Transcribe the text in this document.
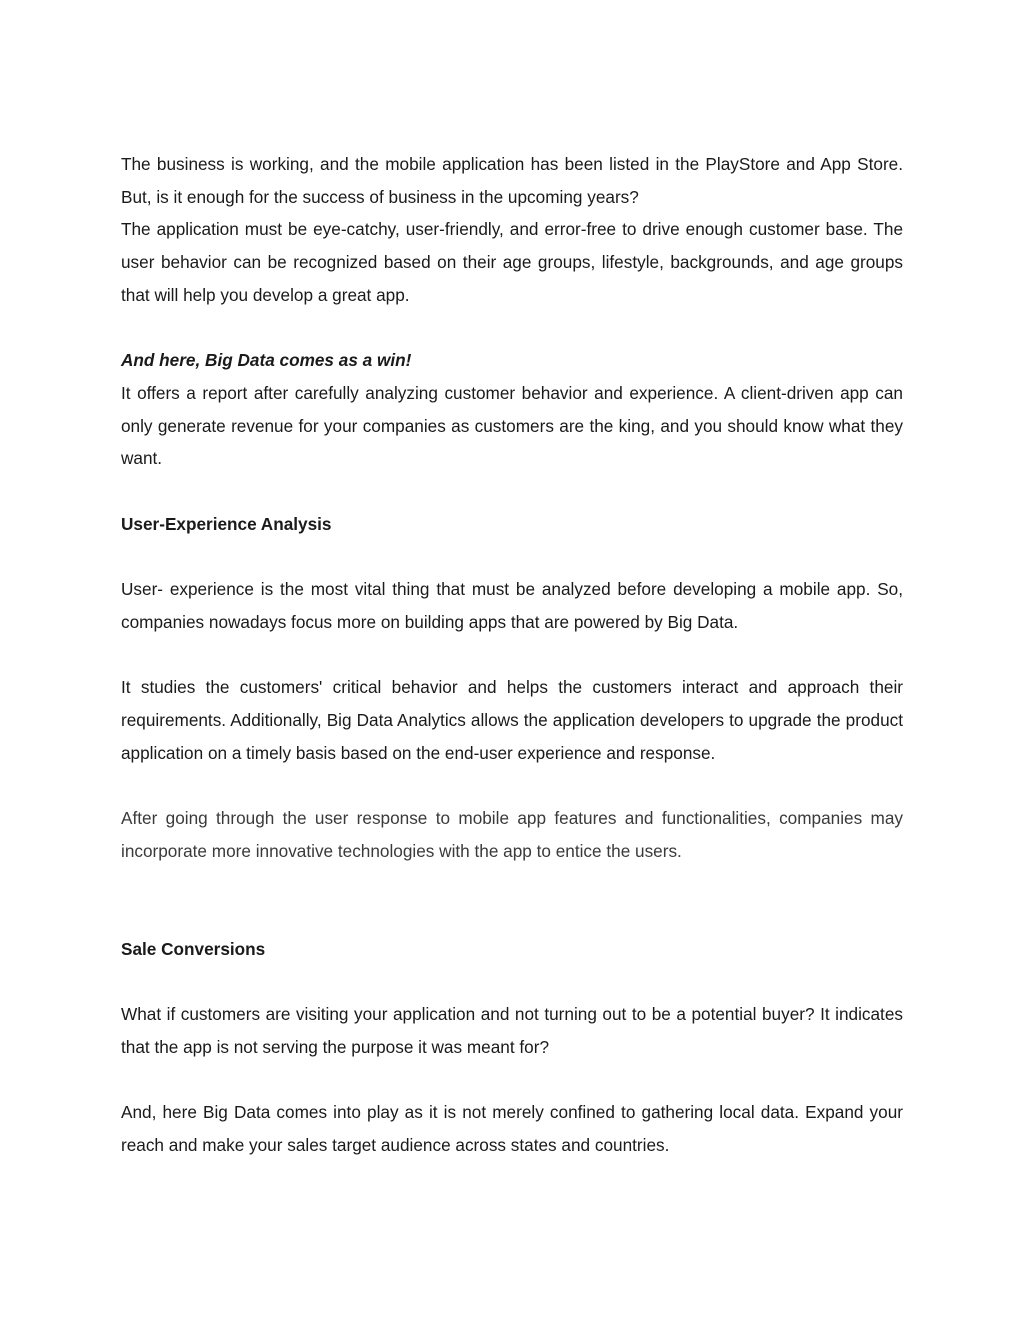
The business is working, and the mobile application has been listed in the PlayStore and App Store. But, is it enough for the success of business in the upcoming years?

The application must be eye-catchy, user-friendly, and error-free to drive enough customer base. The user behavior can be recognized based on their age groups, lifestyle, backgrounds, and age groups that will help you develop a great app.

And here, Big Data comes as a win!

It offers a report after carefully analyzing customer behavior and experience. A client-driven app can only generate revenue for your companies as customers are the king, and you should know what they want.

User-Experience Analysis

User- experience is the most vital thing that must be analyzed before developing a mobile app. So, companies nowadays focus more on building apps that are powered by Big Data.

It studies the customers' critical behavior and helps the customers interact and approach their requirements. Additionally, Big Data Analytics allows the application developers to upgrade the product application on a timely basis based on the end-user experience and response.

After going through the user response to mobile app features and functionalities, companies may incorporate more innovative technologies with the app to entice the users.

Sale Conversions

What if customers are visiting your application and not turning out to be a potential buyer? It indicates that the app is not serving the purpose it was meant for?

And, here Big Data comes into play as it is not merely confined to gathering local data. Expand your reach and make your sales target audience across states and countries.
